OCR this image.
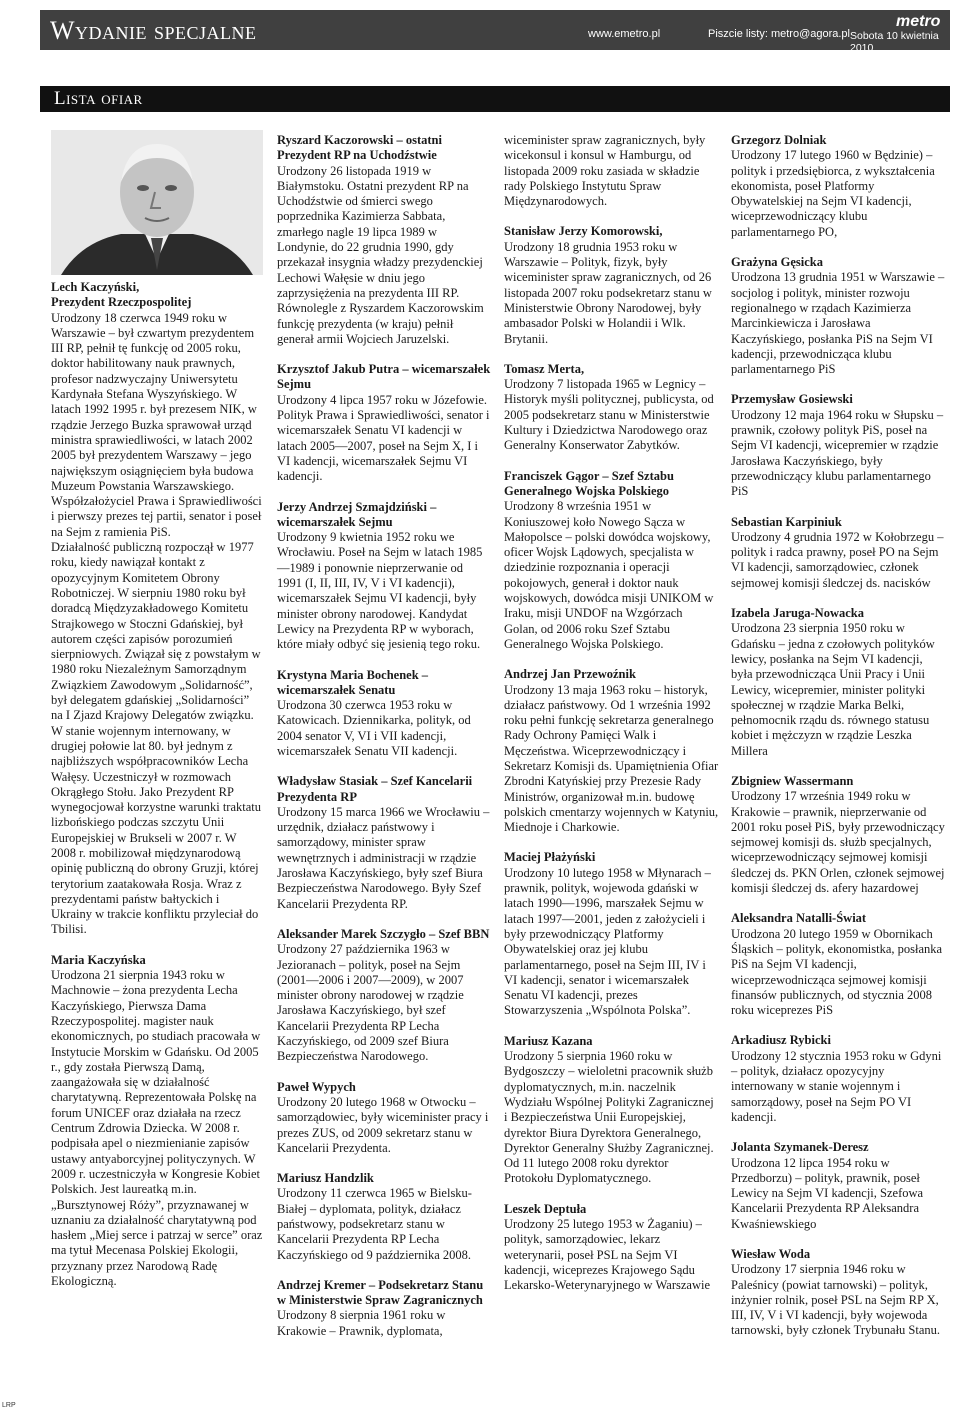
Wydanie specjalne	www.emetro.pl	Piszcie listy: metro@agora.pl
metro
Sobota 10 kwietnia 2010
5
Lista ofiar

Lech Kaczyński,
Prezydent Rzeczpospolitej

Urodzony 18 czerwca 1949 roku w Warszawie – był czwartym prezydentem III RP, pełnił tę funkcję od 2005 roku, doktor habilitowany nauk prawnych, profesor nadzwyczajny Uniwersytetu Kardynała Stefana Wyszyńskiego. W latach 1992 1995 r. był prezesem NIK, w rządzie Jerzego Buzka sprawował urząd ministra sprawiedliwości, w latach 2002 2005 był prezydentem Warszawy – jego największym osiągnięciem była budowa Muzeum Powstania Warszawskiego. Współzałożyciel Prawa i Sprawiedliwości i pierwszy prezes tej partii, senator i poseł na Sejm z ramienia PiS.
Działalność publiczną rozpoczął w 1977 roku, kiedy nawiązał kontakt z opozycyjnym Komitetem Obrony Robotniczej. W sierpniu 1980 roku był doradcą Międzyzakładowego Komitetu Strajkowego w Stoczni Gdańskiej, był autorem części zapisów porozumień sierpniowych. Związał się z powstałym w 1980 roku Niezależnym Samorządnym Związkiem Zawodowym „Solidarność”, był delegatem gdańskiej „Solidarności” na I Zjazd Krajowy Delegatów związku. W stanie wojennym internowany, w drugiej połowie lat 80. był jednym z najbliższych współpracowników Lecha Wałęsy. Uczestniczył w rozmowach Okrągłego Stołu. Jako Prezydent RP wynegocjował korzystne warunki traktatu lizbońskiego podczas szczytu Unii Europejskiej w Brukseli w 2007 r. W 2008 r. mobilizował międzynarodową opinię publiczną do obrony Gruzji, której terytorium zaatakowała Rosja. Wraz z prezydentami państw bałtyckich i Ukrainy w trakcie konfliktu przyleciał do Tbilisi.

Maria Kaczyńska

Urodzona 21 sierpnia 1943 roku w Machnowie – żona prezydenta Lecha Kaczyńskiego, Pierwsza Dama Rzeczypospolitej. magister nauk ekonomicznych, po studiach pracowała w Instytucie Morskim w Gdańsku. Od 2005 r., gdy została Pierwszą Damą, zaangażowała się w działalność charytatywną. Reprezentowała Polskę na forum UNICEF oraz działała na rzecz Centrum Zdrowia Dziecka. W 2008 r. podpisała apel o niezmienianie zapisów ustawy antyaborcyjnej polityczynych. W 2009 r. uczestniczyła w Kongresie Kobiet Polskich. Jest laureatką m.in. „Bursztynowej Róży”, przyznawanej w uznaniu za działalność charytatywną pod hasłem „Miej serce i patrzaj w serce” oraz ma tytuł Mecenasa Polskiej Ekologii, przyznany przez Narodową Radę Ekologiczną.

Ryszard Kaczorowski – ostatni Prezydent RP na Uchodźstwie

Urodzony 26 listopada 1919 w Białymstoku. Ostatni prezydent RP na Uchodźstwie od śmierci swego poprzednika Kazimierza Sabbata, zmarłego nagle 19 lipca 1989 w Londynie, do 22 grudnia 1990, gdy przekazał insygnia władzy prezydenckiej Lechowi Wałęsie w dniu jego zaprzysiężenia na prezydenta III RP. Równolegle z Ryszardem Kaczorowskim funkcję prezydenta (w kraju) pełnił generał armii Wojciech Jaruzelski.

Krzysztof Jakub Putra – wicemarszałek Sejmu

Urodzony 4 lipca 1957 roku w Józefowie. Polityk Prawa i Sprawiedliwości, senator i wicemarszałek Senatu VI kadencji w latach 2005—2007, poseł na Sejm X, I i VI kadencji, wicemarszałek Sejmu VI kadencji.

Jerzy Andrzej Szmajdziński – wicemarszałek Sejmu

Urodzony 9 kwietnia 1952 roku we Wrocławiu. Poseł na Sejm w latach 1985—1989 i ponownie nieprzerwanie od 1991 (I, II, III, IV, V i VI kadencji), wicemarszałek Sejmu VI kadencji, były minister obrony narodowej. Kandydat Lewicy na Prezydenta RP w wyborach, które miały odbyć się jesienią tego roku.

Krystyna Maria Bochenek – wicemarszałek Senatu

Urodzona 30 czerwca 1953 roku w Katowicach. Dziennikarka, polityk, od 2004 senator V, VI i VII kadencji, wicemarszałek Senatu VII kadencji.

Władysław Stasiak – Szef Kancelarii Prezydenta RP

Urodzony 15 marca 1966 we Wrocławiu – urzędnik, działacz państwowy i samorządowy, minister spraw wewnętrznych i administracji w rządzie Jarosława Kaczyńskiego, były szef Biura Bezpieczeństwa Narodowego. Były Szef Kancelarii Prezydenta RP.

Aleksander Marek Szczygło – Szef BBN

Urodzony 27 października 1963 w Jezioranach – polityk, poseł na Sejm (2001—2006 i 2007—2009), w 2007 minister obrony narodowej w rządzie Jarosława Kaczyńskiego, był szef Kancelarii Prezydenta RP Lecha Kaczyńskiego, od 2009 szef Biura Bezpieczeństwa Narodowego.

Paweł Wypych

Urodzony 20 lutego 1968 w Otwocku – samorządowiec, były wiceminister pracy i prezes ZUS, od 2009 sekretarz stanu w Kancelarii Prezydenta.

Mariusz Handzlik

Urodzony 11 czerwca 1965 w Bielsku-Białej – dyplomata, polityk, działacz państwowy, podsekretarz stanu w Kancelarii Prezydenta RP Lecha Kaczyńskiego od 9 października 2008.

Andrzej Kremer – Podsekretarz Stanu w Ministerstwie Spraw Zagranicznych

Urodzony 8 sierpnia 1961 roku w Krakowie – Prawnik, dyplomata,

wiceminister spraw zagranicznych, były wicekonsul i konsul w Hamburgu, od listopada 2009 roku zasiada w składzie rady Polskiego Instytutu Spraw Międzynarodowych.

Stanisław Jerzy Komorowski,

Urodzony 18 grudnia 1953 roku w Warszawie – Polityk, fizyk, były wiceminister spraw zagranicznych, od 26 listopada 2007 roku podsekretarz stanu w Ministerstwie Obrony Narodowej, były ambasador Polski w Holandii i Wlk. Brytanii.

Tomasz Merta,

Urodzony 7 listopada 1965 w Legnicy – Historyk myśli politycznej, publicysta, od 2005 podsekretarz stanu w Ministerstwie Kultury i Dziedzictwa Narodowego oraz Generalny Konserwator Zabytków.

Franciszek Gągor – Szef Sztabu Generalnego Wojska Polskiego

Urodzony 8 września 1951 w Koniuszowej koło Nowego Sącza w Małopolsce – polski dowódca wojskowy, oficer Wojsk Lądowych, specjalista w dziedzinie rozpoznania i operacji pokojowych, generał i doktor nauk wojskowych, dowódca misji UNIKOM w Iraku, misji UNDOF na Wzgórzach Golan, od 2006 roku Szef Sztabu Generalnego Wojska Polskiego.

Andrzej Jan Przewoźnik

Urodzony 13 maja 1963 roku – historyk, działacz państwowy. Od 1 września 1992 roku pełni funkcję sekretarza generalnego Rady Ochrony Pamięci Walk i Męczeństwa. Wiceprzewodniczący i Sekretarz Komisji ds. Upamiętnienia Ofiar Zbrodni Katyńskiej przy Prezesie Rady Ministrów, organizował m.in. budowę polskich cmentarzy wojennych w Katyniu, Miednoje i Charkowie.

Maciej Płażyński

Urodzony 10 lutego 1958 w Młynarach – prawnik, polityk, wojewoda gdański w latach 1990—1996, marszałek Sejmu w latach 1997—2001, jeden z założycieli i były przewodniczący Platformy Obywatelskiej oraz jej klubu parlamentarnego, poseł na Sejm III, IV i VI kadencji, senator i wicemarszałek Senatu VI kadencji, prezes Stowarzyszenia „Wspólnota Polska”.

Mariusz Kazana

Urodzony 5 sierpnia 1960 roku w Bydgoszczy – wieloletni pracownik służb dyplomatycznych, m.in. naczelnik Wydziału Wspólnej Polityki Zagranicznej i Bezpieczeństwa Unii Europejskiej, dyrektor Biura Dyrektora Generalnego, Dyrektor Generalny Służby Zagranicznej. Od 11 lutego 2008 roku dyrektor Protokołu Dyplomatycznego.

Leszek Deptuła

Urodzony 25 lutego 1953 w Żaganiu) – polityk, samorządowiec, lekarz weterynarii, poseł PSL na Sejm VI kadencji, wiceprezes Krajowego Sądu Lekarsko-Weterynaryjnego w Warszawie

Grzegorz Dolniak

Urodzony 17 lutego 1960 w Będzinie) – polityk i przedsiębiorca, z wykształcenia ekonomista, poseł Platformy Obywatelskiej na Sejm VI kadencji, wiceprzewodniczący klubu parlamentarnego PO,

Grażyna Gęsicka

Urodzona 13 grudnia 1951 w Warszawie – socjolog i polityk, minister rozwoju regionalnego w rządach Kazimierza Marcinkiewicza i Jarosława Kaczyńskiego, posłanka PiS na Sejm VI kadencji, przewodnicząca klubu parlamentarnego PiS

Przemysław Gosiewski

Urodzony 12 maja 1964 roku w Słupsku – prawnik, czołowy polityk PiS, poseł na Sejm VI kadencji, wicepremier w rządzie Jarosława Kaczyńskiego, były przewodniczący klubu parlamentarnego PiS

Sebastian Karpiniuk

Urodzony 4 grudnia 1972 w Kołobrzegu – polityk i radca prawny, poseł PO na Sejm VI kadencji, samorządowiec, członek sejmowej komisji śledczej ds. nacisków

Izabela Jaruga-Nowacka

Urodzona 23 sierpnia 1950 roku w Gdańsku – jedna z czołowych polityków lewicy, posłanka na Sejm VI kadencji, była przewodnicząca Unii Pracy i Unii Lewicy, wicepremier, minister polityki społecznej w rządzie Marka Belki, pełnomocnik rządu ds. równego statusu kobiet i mężczyzn w rządzie Leszka Millera

Zbigniew Wassermann

Urodzony 17 września 1949 roku w Krakowie – prawnik, nieprzerwanie od 2001 roku poseł PiS, były przewodniczący sejmowej komisji ds. służb specjalnych, wiceprzewodniczący sejmowej komisji śledczej ds. PKN Orlen, członek sejmowej komisji śledczej ds. afery hazardowej

Aleksandra Natalli-Świat

Urodzona 20 lutego 1959 w Obornikach Śląskich – polityk, ekonomistka, posłanka PiS na Sejm VI kadencji, wiceprzewodnicząca sejmowej komisji finansów publicznych, od stycznia 2008 roku wiceprezes PiS

Arkadiusz Rybicki

Urodzony 12 stycznia 1953 roku w Gdyni – polityk, działacz opozycyjny internowany w stanie wojennym i samorządowy, poseł na Sejm PO VI kadencji.

Jolanta Szymanek-Deresz

Urodzona 12 lipca 1954 roku w Przedborzu) – polityk, prawnik, poseł Lewicy na Sejm VI kadencji, Szefowa Kancelarii Prezydenta RP Aleksandra Kwaśniewskiego

Wiesław Woda

Urodzony 17 sierpnia 1946 roku w Paleśnicy (powiat tarnowski) – polityk, inżynier rolnik, poseł PSL na Sejm RP X, III, IV, V i VI kadencji, były wojewoda tarnowski, były członek Trybunału Stanu.

LRP
